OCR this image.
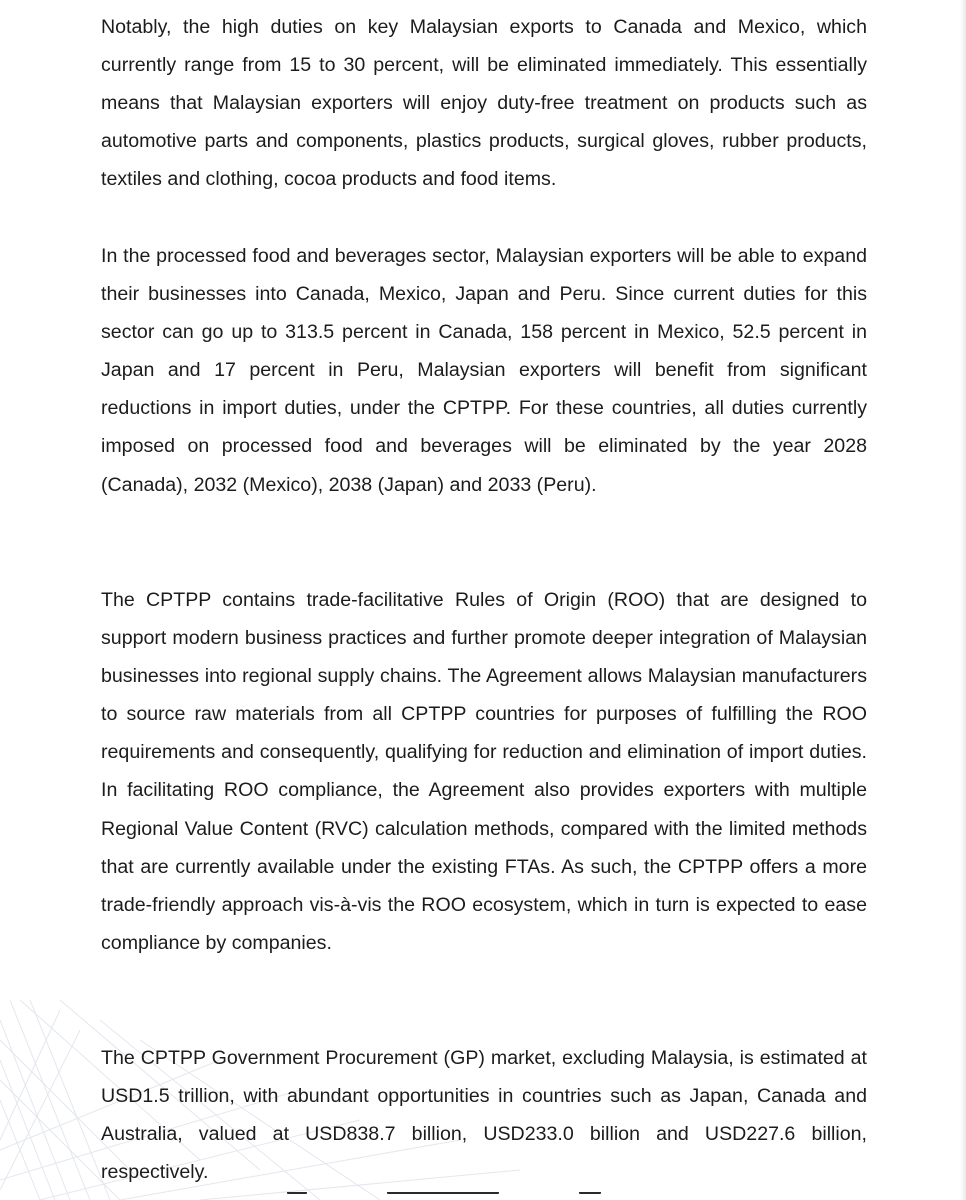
Notably, the high duties on key Malaysian exports to Canada and Mexico, which currently range from 15 to 30 percent, will be eliminated immediately. This essentially means that Malaysian exporters will enjoy duty-free treatment on products such as automotive parts and components, plastics products, surgical gloves, rubber products, textiles and clothing, cocoa products and food items.

In the processed food and beverages sector, Malaysian exporters will be able to expand their businesses into Canada, Mexico, Japan and Peru. Since current duties for this sector can go up to 313.5 percent in Canada, 158 percent in Mexico, 52.5 percent in Japan and 17 percent in Peru, Malaysian exporters will benefit from significant reductions in import duties, under the CPTPP. For these countries, all duties currently imposed on processed food and beverages will be eliminated by the year 2028 (Canada), 2032 (Mexico), 2038 (Japan) and 2033 (Peru).

The CPTPP contains trade-facilitative Rules of Origin (ROO) that are designed to support modern business practices and further promote deeper integration of Malaysian businesses into regional supply chains. The Agreement allows Malaysian manufacturers to source raw materials from all CPTPP countries for purposes of fulfilling the ROO requirements and consequently, qualifying for reduction and elimination of import duties. In facilitating ROO compliance, the Agreement also provides exporters with multiple Regional Value Content (RVC) calculation methods, compared with the limited methods that are currently available under the existing FTAs. As such, the CPTPP offers a more trade-friendly approach vis-à-vis the ROO ecosystem, which in turn is expected to ease compliance by companies.

The CPTPP Government Procurement (GP) market, excluding Malaysia, is estimated at USD1.5 trillion, with abundant opportunities in countries such as Japan, Canada and Australia, valued at USD838.7 billion, USD233.0 billion and USD227.6 billion, respectively.
